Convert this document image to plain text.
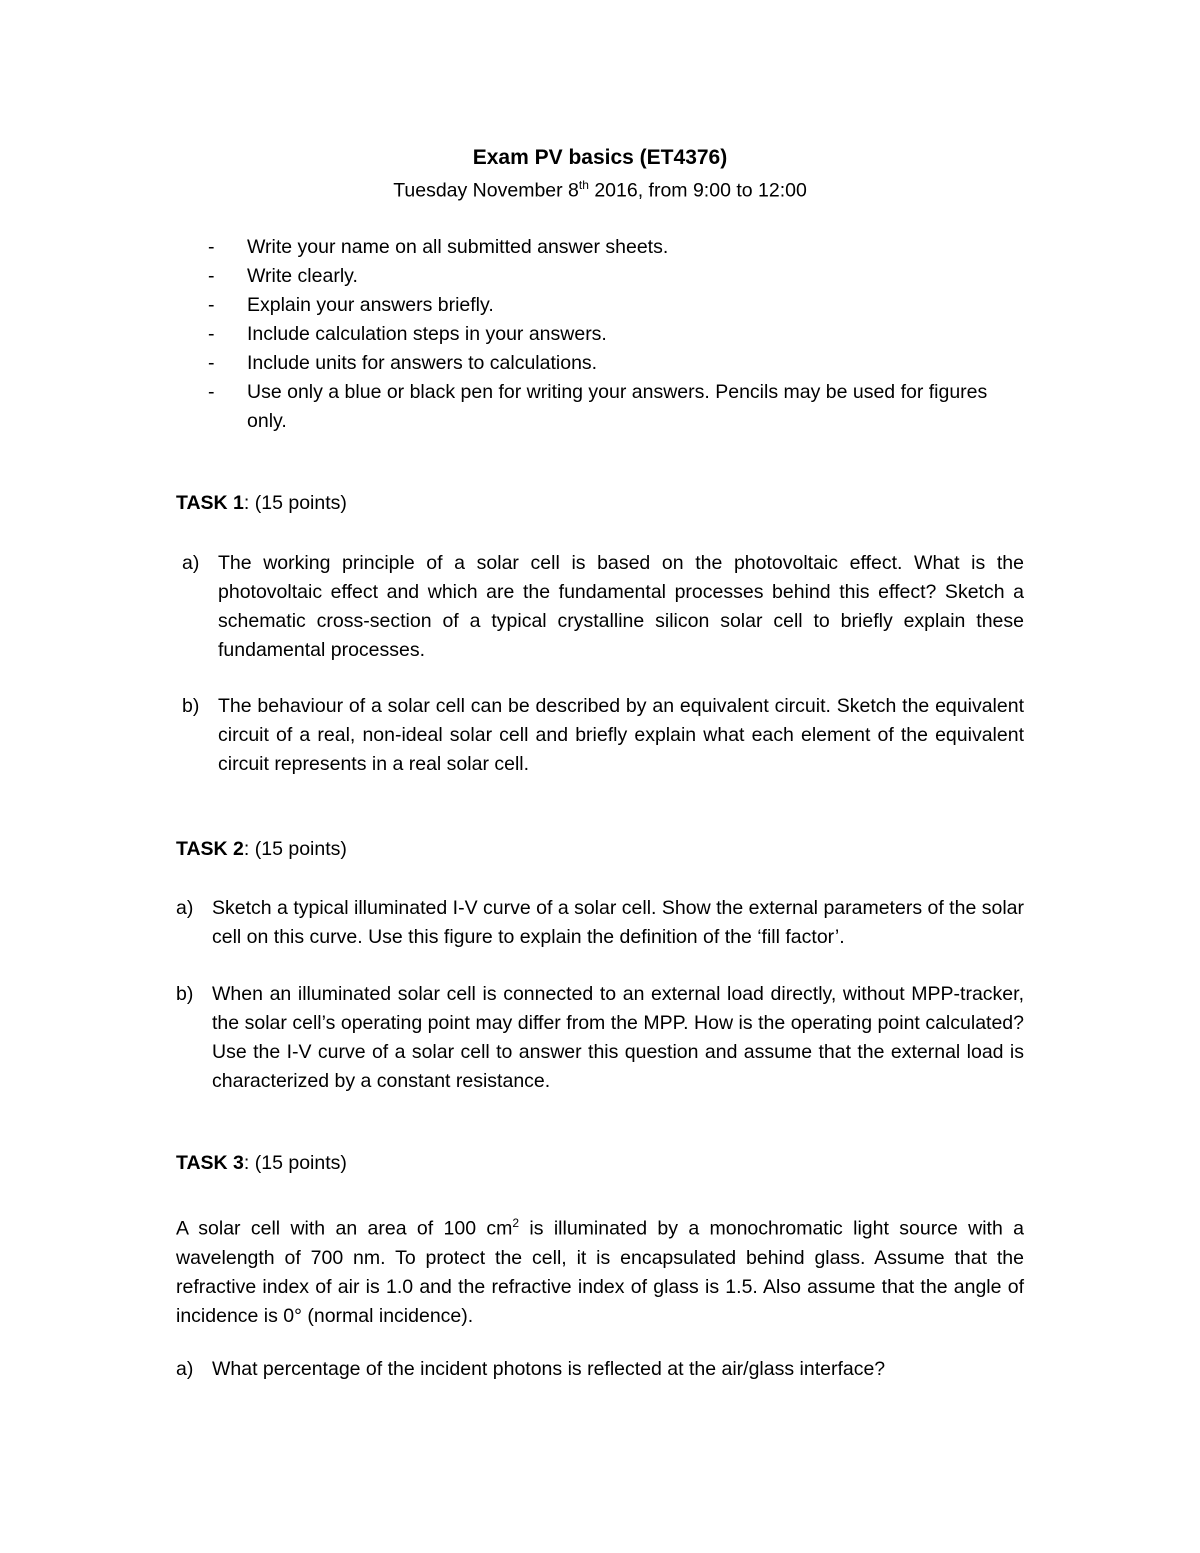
Exam PV basics (ET4376)
Tuesday November 8th 2016, from 9:00 to 12:00
- Write your name on all submitted answer sheets.
- Write clearly.
- Explain your answers briefly.
- Include calculation steps in your answers.
- Include units for answers to calculations.
- Use only a blue or black pen for writing your answers. Pencils may be used for figures only.
TASK 1: (15 points)
a) The working principle of a solar cell is based on the photovoltaic effect. What is the photovoltaic effect and which are the fundamental processes behind this effect? Sketch a schematic cross-section of a typical crystalline silicon solar cell to briefly explain these fundamental processes.
b) The behaviour of a solar cell can be described by an equivalent circuit. Sketch the equivalent circuit of a real, non-ideal solar cell and briefly explain what each element of the equivalent circuit represents in a real solar cell.
TASK 2: (15 points)
a) Sketch a typical illuminated I-V curve of a solar cell. Show the external parameters of the solar cell on this curve. Use this figure to explain the definition of the ‘fill factor’.
b) When an illuminated solar cell is connected to an external load directly, without MPP-tracker, the solar cell’s operating point may differ from the MPP. How is the operating point calculated? Use the I-V curve of a solar cell to answer this question and assume that the external load is characterized by a constant resistance.
TASK 3: (15 points)
A solar cell with an area of 100 $cm^2$ is illuminated by a monochromatic light source with a wavelength of 700 nm. To protect the cell, it is encapsulated behind glass. Assume that the refractive index of air is 1.0 and the refractive index of glass is 1.5. Also assume that the angle of incidence is 0° (normal incidence).
a) What percentage of the incident photons is reflected at the air/glass interface?
